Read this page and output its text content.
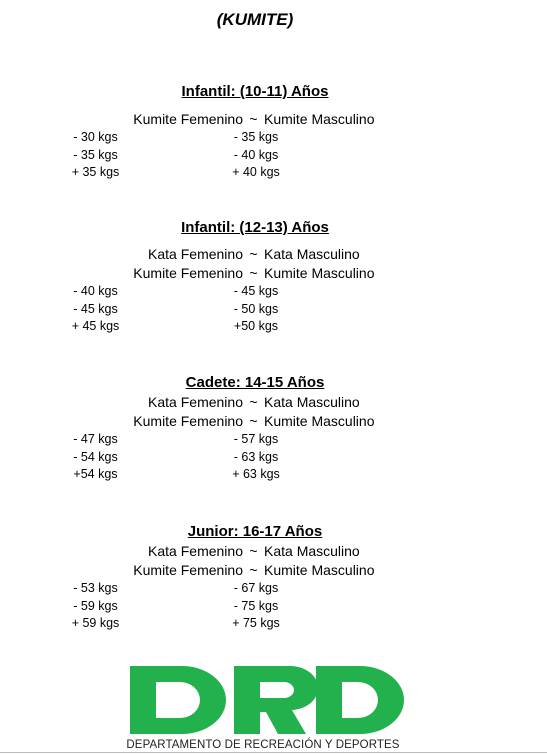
(KUMITE)
Infantil: (10-11) Años
Kumite Femenino ~ Kumite Masculino
- 30 kgs	- 35 kgs
- 35 kgs	- 40 kgs
+ 35 kgs	+ 40 kgs
Infantil: (12-13) Años
Kata Femenino ~ Kata Masculino
Kumite Femenino ~ Kumite Masculino
- 40 kgs	- 45 kgs
- 45 kgs	- 50 kgs
+ 45 kgs	+50 kgs
Cadete: 14-15 Años
Kata Femenino ~ Kata Masculino
Kumite Femenino ~ Kumite Masculino
- 47 kgs	- 57 kgs
- 54 kgs	- 63 kgs
+54 kgs	+ 63 kgs
Junior: 16-17 Años
Kata Femenino ~ Kata Masculino
Kumite Femenino ~ Kumite Masculino
- 53 kgs	- 67 kgs
- 59 kgs	- 75 kgs
+ 59 kgs	+ 75 kgs
DEPARTAMENTO DE RECREACIÓN Y DEPORTES
